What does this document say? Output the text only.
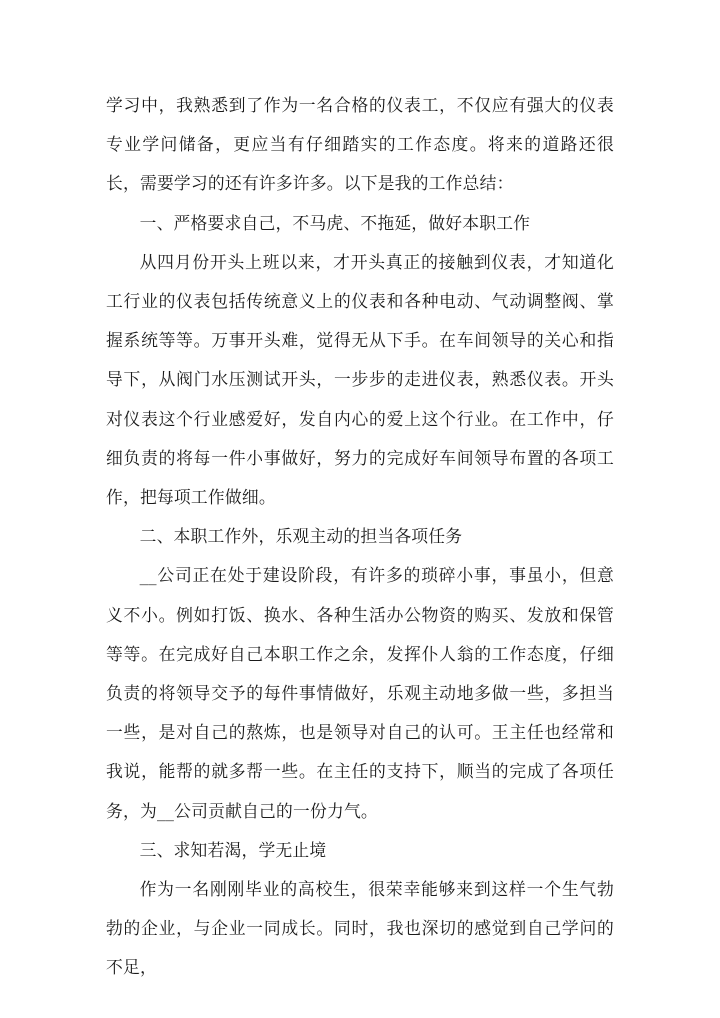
学习中，我熟悉到了作为一名合格的仪表工，不仅应有强大的仪表专业学问储备，更应当有仔细踏实的工作态度。将来的道路还很长，需要学习的还有许多许多。以下是我的工作总结：

一、严格要求自己，不马虎、不拖延，做好本职工作

从四月份开头上班以来，才开头真正的接触到仪表，才知道化工行业的仪表包括传统意义上的仪表和各种电动、气动调整阀、掌握系统等等。万事开头难，觉得无从下手。在车间领导的关心和指导下，从阀门水压测试开头，一步步的走进仪表，熟悉仪表。开头对仪表这个行业感爱好，发自内心的爱上这个行业。在工作中，仔细负责的将每一件小事做好，努力的完成好车间领导布置的各项工作，把每项工作做细。

二、本职工作外，乐观主动的担当各项任务

__公司正在处于建设阶段，有许多的琐碎小事，事虽小，但意义不小。例如打饭、换水、各种生活办公物资的购买、发放和保管等等。在完成好自己本职工作之余，发挥仆人翁的工作态度，仔细负责的将领导交予的每件事情做好，乐观主动地多做一些，多担当一些，是对自己的熬炼，也是领导对自己的认可。王主任也经常和我说，能帮的就多帮一些。在主任的支持下，顺当的完成了各项任务，为__公司贡献自己的一份力气。

三、求知若渴，学无止境

作为一名刚刚毕业的高校生，很荣幸能够来到这样一个生气勃勃的企业，与企业一同成长。同时，我也深切的感觉到自己学问的不足，
